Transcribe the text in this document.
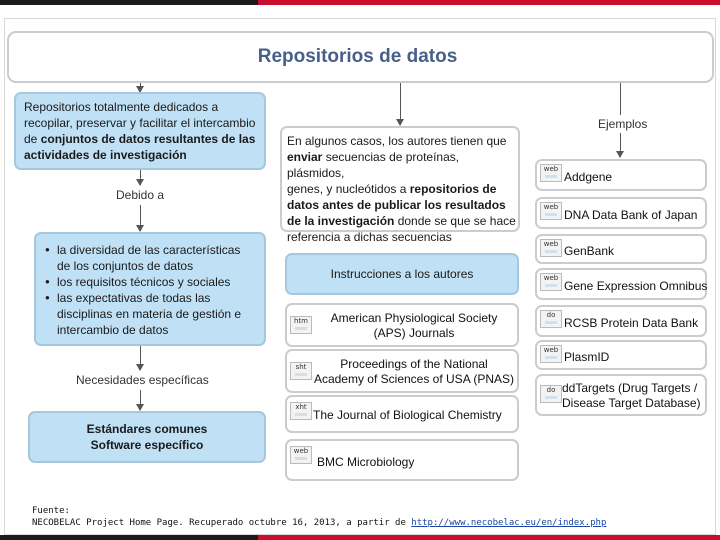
Repositorios de datos
Repositorios totalmente dedicados a recopilar, preservar y facilitar el intercambio de conjuntos de datos resultantes de las actividades de investigación
Debido a
● la diversidad de las características
de los conjuntos de datos
● los requisitos técnicos y sociales
● las expectativas de todas las
disciplinas en materia de gestión e
intercambio de datos
Necesidades específicas
Estándares comunes
Software específico
En algunos casos, los autores tienen que
enviar secuencias de proteínas, plásmidos,
genes, y nucleótidos a repositorios de
datos antes de publicar los resultados
de la investigación donde se que se hace
referencia a dichas secuencias
Instrucciones a los autores
htm	American Physiological Society
(APS) Journals
sht	Proceedings of the National
Academy of Sciences of USA (PNAS)
xht
The Journal of Biological Chemistry
web
BMC Microbiology
Ejemplos
web
Addgene
web
DNA Data Bank of Japan
web GenBank
web
Gene Expression Omnibus
do
RCSB Protein Data Bank
web PlasmID
do ddTargets (Drug Targets /
Disease Target Database)
Fuente:
NECOBELAC Project Home Page. Recuperado octubre 16, 2013, a partir de http://www.necobelac.eu/en/index.php
